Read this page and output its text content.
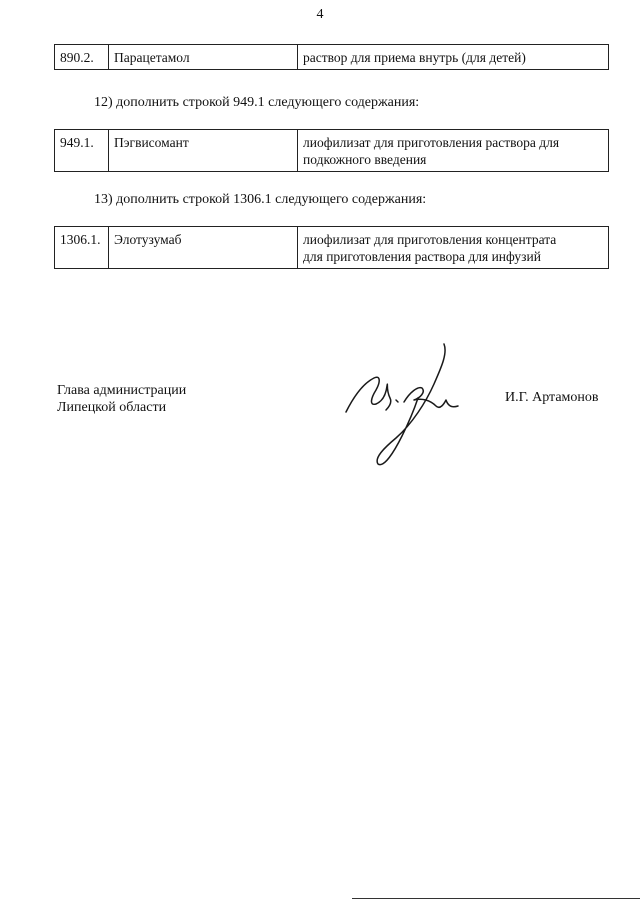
4
890.2.	Парацетамол	раствор для приема внутрь (для детей)
12) дополнить строкой 949.1 следующего содержания:
949.1.	Пэгвисомант	лиофилизат для приготовления раствора для
подкожного введения
13) дополнить строкой 1306.1 следующего содержания:
1306.1.	Элотузумаб	лиофилизат для приготовления концентрата
для приготовления раствора для инфузий
Глава администрации
Липецкой области
И.Г. Артамонов
